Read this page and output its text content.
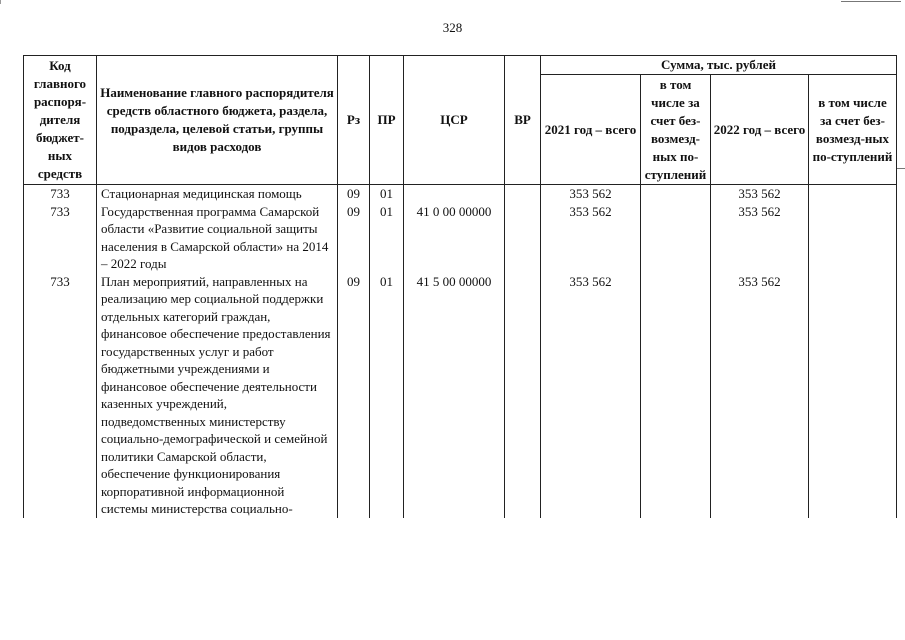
328
Код главного распоря-дителя бюджет-ных средств	Наименование главного распорядителя средств областного бюджета, раздела, подраздела, целевой статьи, группы видов расходов	Рз	ПР	ЦСР	ВР	Сумма, тыс. рублей			
						2021 год – всего	в том числе за счет без-возмезд-ных по-ступлений	2022 год – всего	в том числе за счет без-возмезд-ных по-ступлений
733	Стационарная медицинская помощь	09	01			353 562		353 562	
733	Государственная программа Самарской области «Развитие социальной защиты населения в Самарской области» на 2014 – 2022 годы	09	01	41 0 00 00000		353 562		353 562	
733	План мероприятий, направленных на реализацию мер социальной поддержки отдельных категорий граждан, финансовое обеспечение предоставления государственных услуг и работ бюджетными учреждениями и финансовое обеспечение деятельности казенных учреждений, подведомственных министерству социально-демографической и семейной политики Самарской области, обеспечение функционирования корпоративной информационной системы министерства социально-	09	01	41 5 00 00000		353 562		353 562	
